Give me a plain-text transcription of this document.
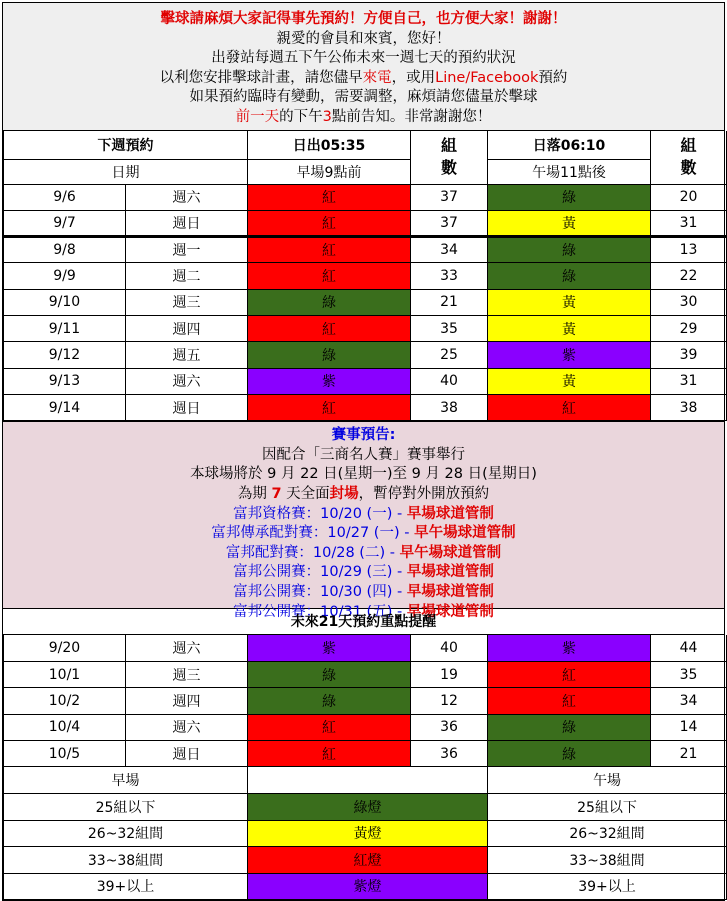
擊球請麻煩大家記得事先預約！方便自己，也方便大家！謝謝！
親愛的會員和來賓，您好！
出發站每週五下午公佈未來一週七天的預約狀況
以利您安排擊球計畫，請您儘早來電，或用Line/Facebook預約
如果預約臨時有變動，需要調整，麻煩請您儘量於擊球
前一天的下午3點前告知。非常謝謝您！
下週預約		日出05:35	組數	日落06:10	組數
日期		早場9點前		午場11點後	
9/6	週六	紅	37	綠	20
9/7	週日	紅	37	黃	31
9/8	週一	紅	34	綠	13
9/9	週二	紅	33	綠	22
9/10	週三	綠	21	黃	30
9/11	週四	紅	35	黃	29
9/12	週五	綠	25	紫	39
9/13	週六	紫	40	黃	31
9/14	週日	紅	38	紅	38
賽事預告:
因配合「三商名人賽」賽事舉行
本球場將於 9 月 22 日(星期一)至 9 月 28 日(星期日)
為期 7 天全面封場，暫停對外開放預約
富邦資格賽：10/20 (一) - 早場球道管制
富邦傳承配對賽：10/27 (一) - 早午場球道管制
富邦配對賽：10/28 (二) - 早午場球道管制
富邦公開賽：10/29 (三) - 早場球道管制
富邦公開賽：10/30 (四) - 早場球道管制
富邦公開賽：10/31 (五) - 早場球道管制
未來21天預約重點提醒
9/20	週六	紫	40	紫	44
10/1	週三	綠	19	紅	35
10/2	週四	綠	12	紅	34
10/4	週六	紅	36	綠	14
10/5	週日	紅	36	綠	21
早場		午場
25組以下	綠燈	25組以下
26~32組間	黃燈	26~32組間
33~38組間	紅燈	33~38組間
39+以上	紫燈	39+以上
